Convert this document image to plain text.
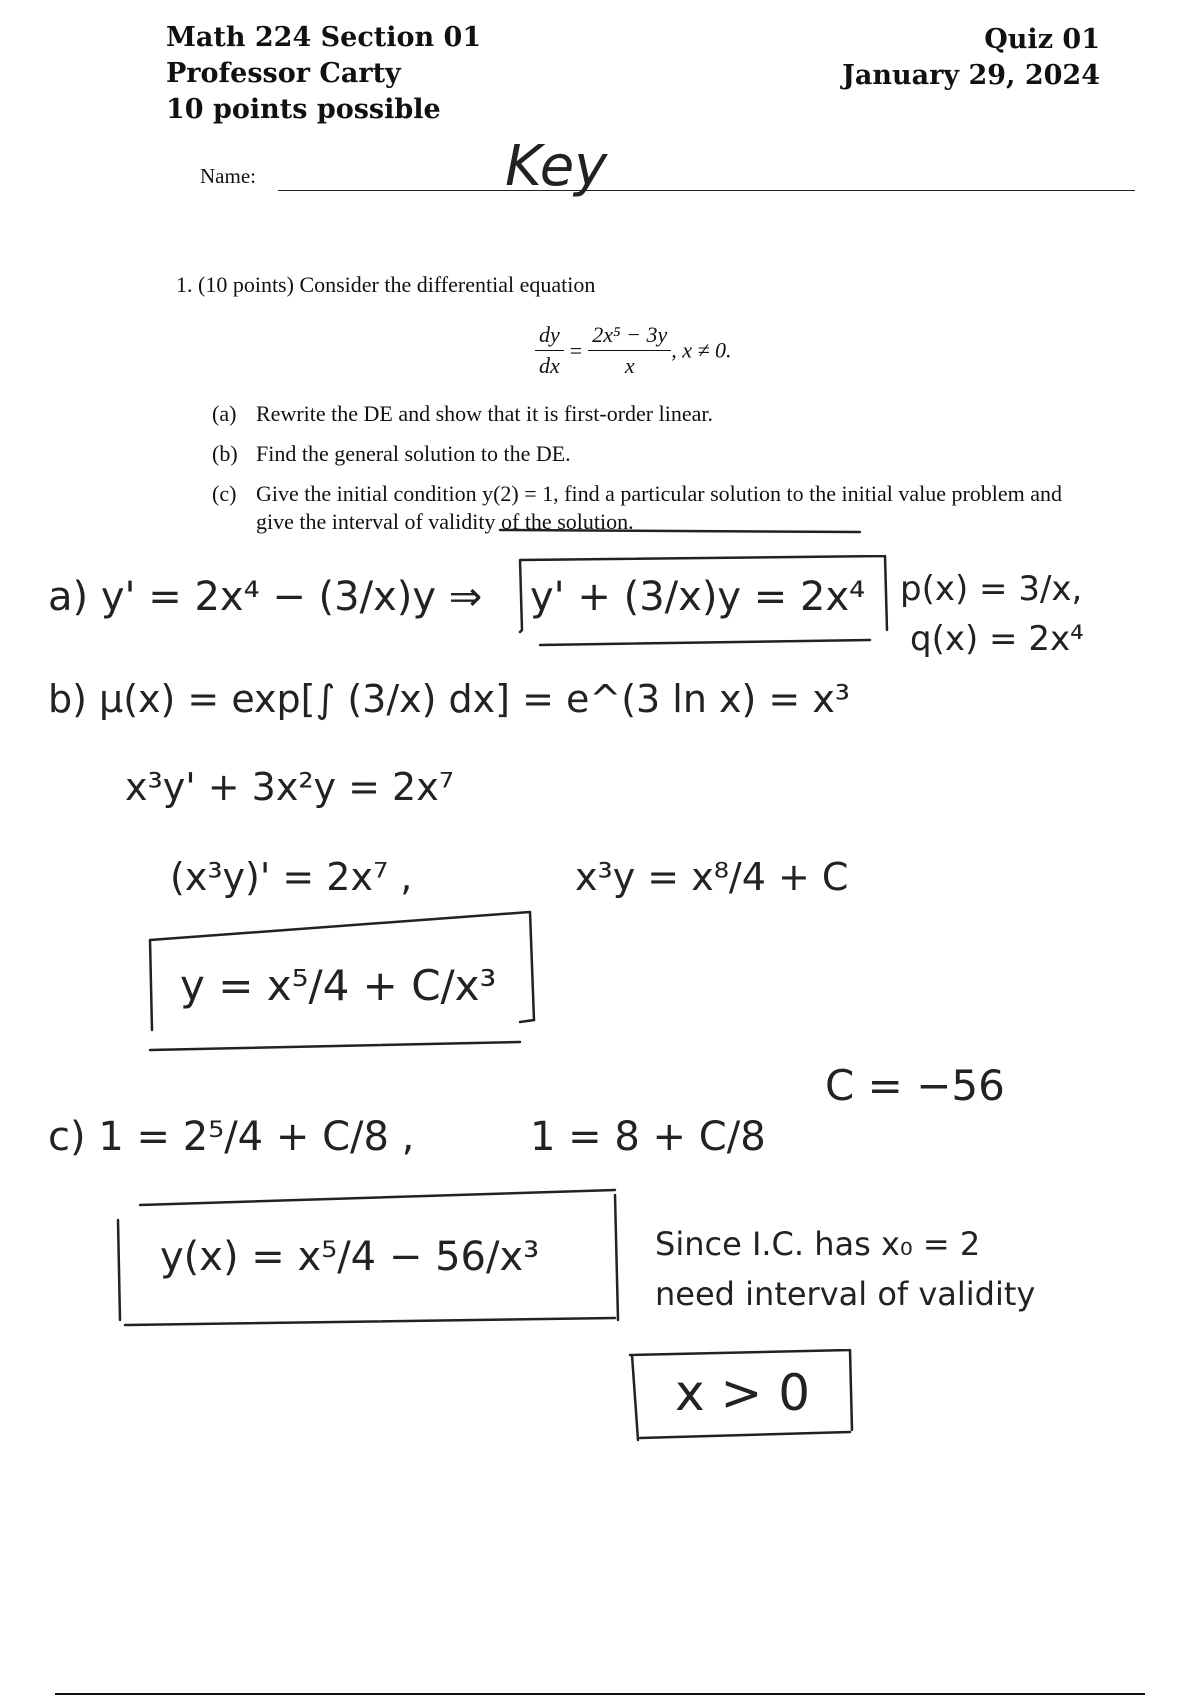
Math 224 Section 01
Professor Carty
10 points possible
Quiz 01
January 29, 2024
Name:
1. (10 points) Consider the differential equation
$\frac{dy}{dx} = \frac{\text{2x⁵ − 3y}}{x}$ , x ≠ 0.
(a) Rewrite the DE and show that it is first-order linear.
(b) Find the general solution to the DE.
(c) Give the initial condition y(2) = 1, find a particular solution to the initial value problem and give the interval of validity of the solution.
Key
a) y' = 2x⁴ − (3/x)y ⇒ y' + (3/x)y = 2x⁴ p(x) = 3/x,
q(x) = 2x⁴
b) μ(x) = exp[∫ (3/x) dx] = e^(3 ln x) = x³
x³y' + 3x²y = 2x⁷
(x³y)' = 2x⁷ ,	x³y = x⁸/4 + C
y = x⁵/4 + C/x³
c) 1 = 2⁵/4 + C/8 ,	1 = 8 + C/8
C = −56
y(x) = x⁵/4 − 56/x³	Since I.C. has x₀ = 2
need interval of validity
x > 0
